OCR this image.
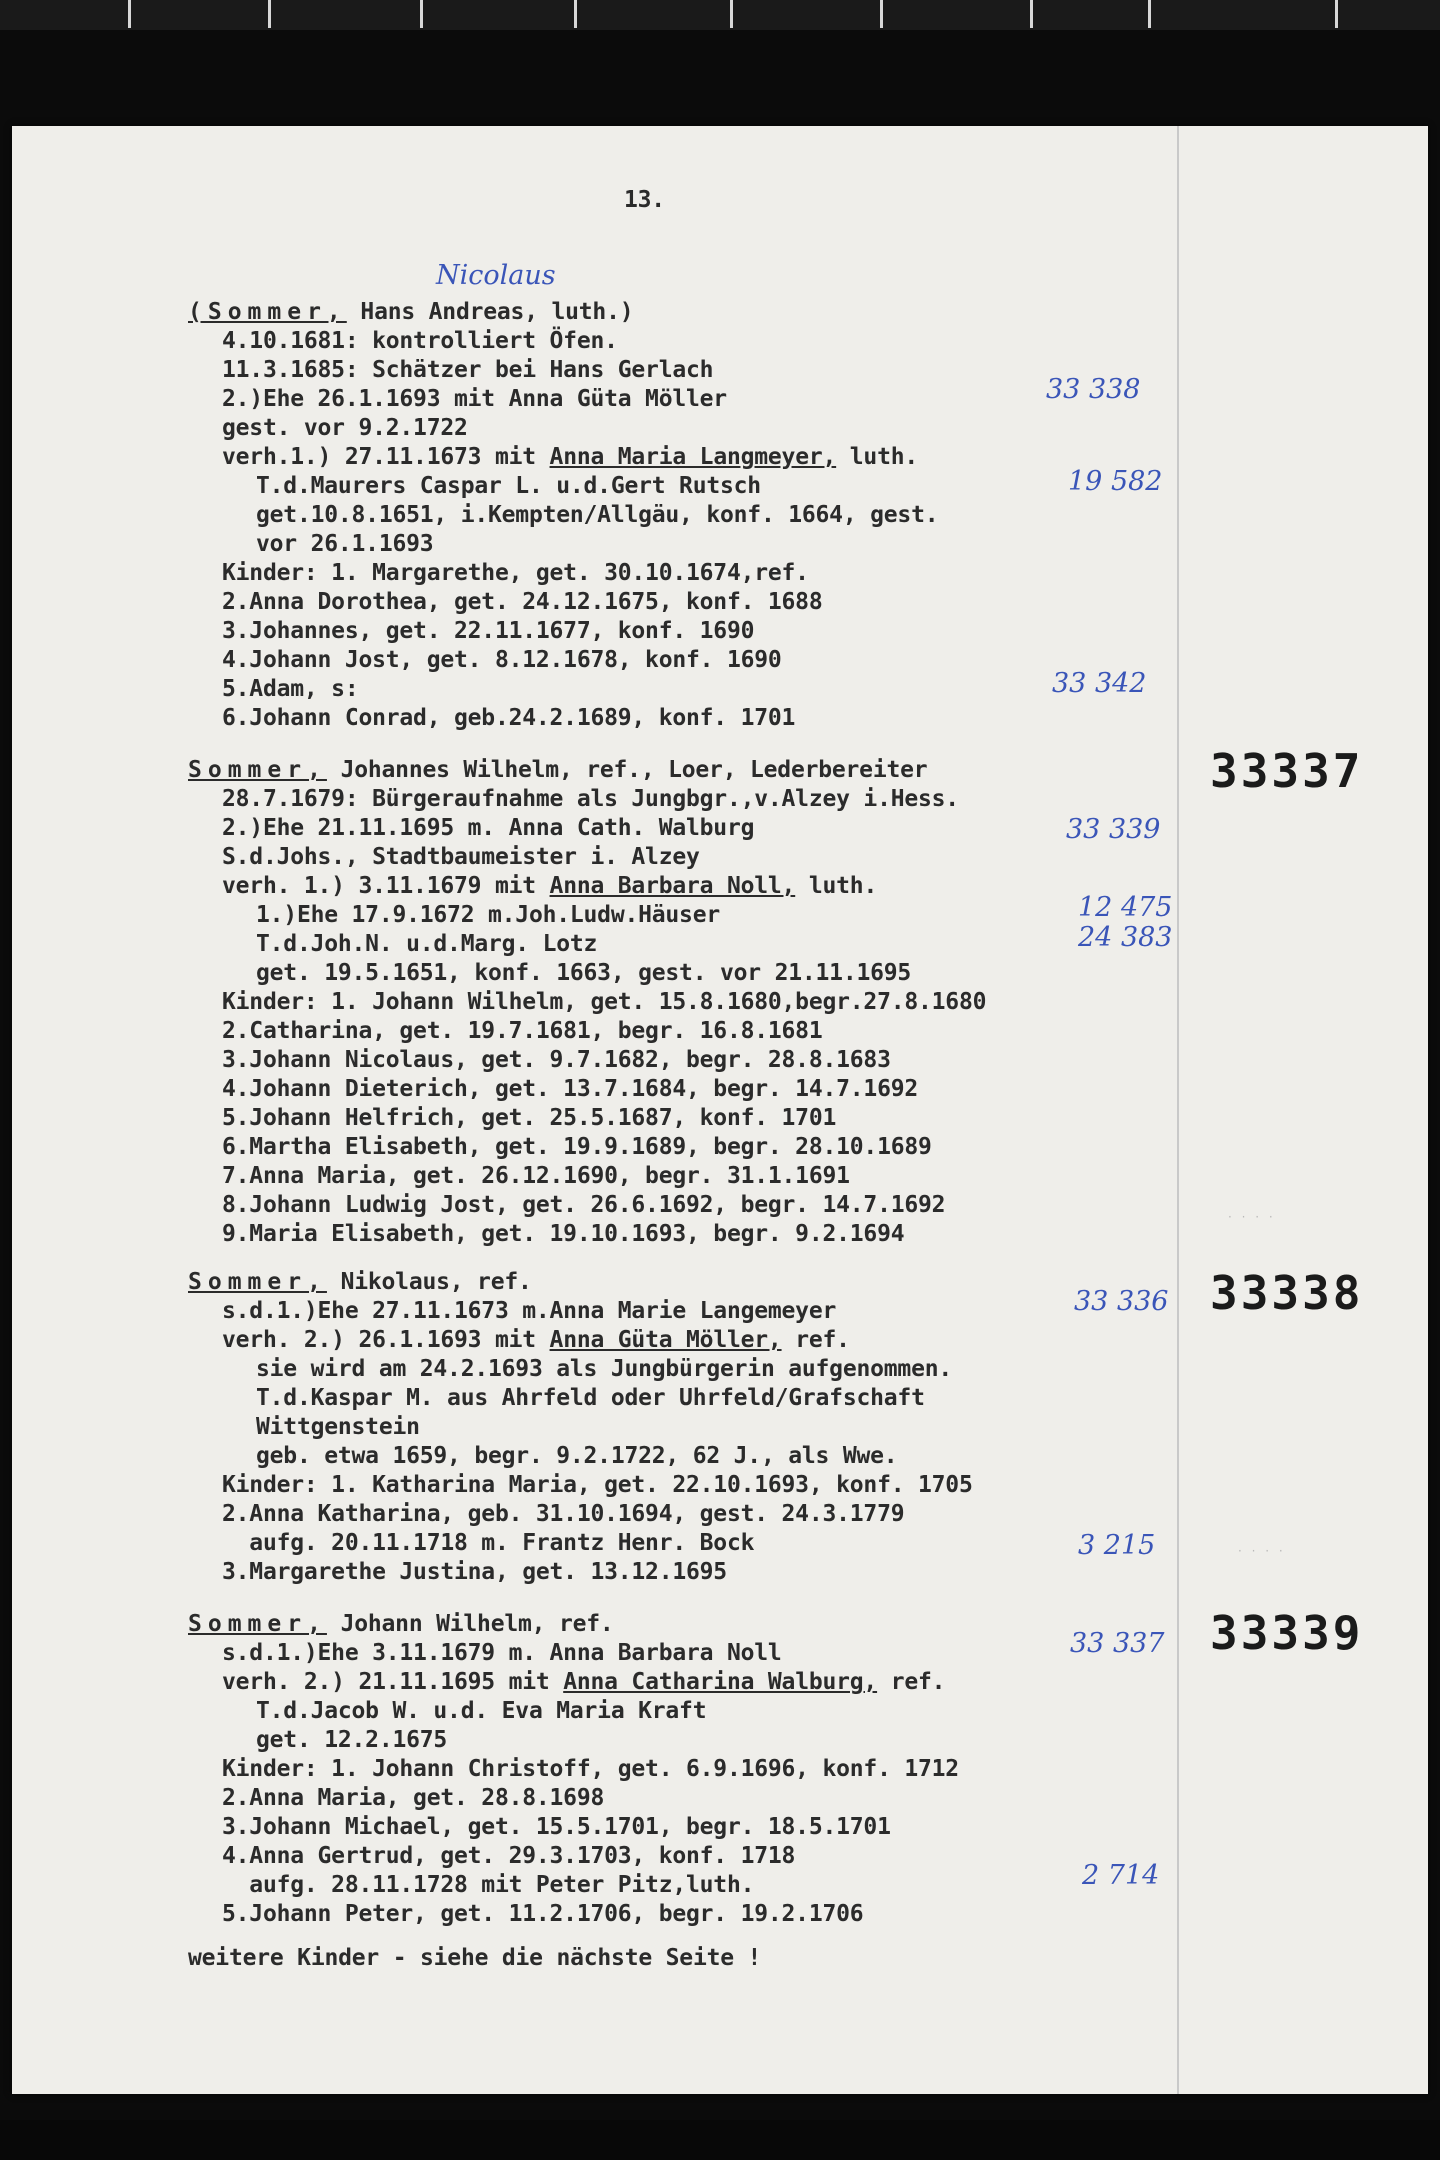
13.
Nicolaus
(Sommer, Hans Andreas, luth.)
4.10.1681: kontrolliert Öfen.
11.3.1685: Schätzer bei Hans Gerlach
2.)Ehe 26.1.1693 mit Anna Güta Möller
gest. vor 9.2.1722
verh.1.) 27.11.1673 mit Anna Maria Langmeyer, luth.
T.d.Maurers Caspar L. u.d.Gert Rutsch
get.10.8.1651, i.Kempten/Allgäu, konf. 1664, gest.
vor 26.1.1693
Kinder: 1. Margarethe, get. 30.10.1674,ref.
2.Anna Dorothea, get. 24.12.1675, konf. 1688
3.Johannes, get. 22.11.1677, konf. 1690
4.Johann Jost, get. 8.12.1678, konf. 1690
5.Adam, s:
6.Johann Conrad, geb.24.2.1689, konf. 1701
33 338
19 582
33 342
33337
Sommer, Johannes Wilhelm, ref., Loer, Lederbereiter
28.7.1679: Bürgeraufnahme als Jungbgr.,v.Alzey i.Hess.
2.)Ehe 21.11.1695 m. Anna Cath. Walburg
S.d.Johs., Stadtbaumeister i. Alzey
verh. 1.) 3.11.1679 mit Anna Barbara Noll, luth.
1.)Ehe 17.9.1672 m.Joh.Ludw.Häuser
T.d.Joh.N. u.d.Marg. Lotz
get. 19.5.1651, konf. 1663, gest. vor 21.11.1695
Kinder: 1. Johann Wilhelm, get. 15.8.1680,begr.27.8.1680
2.Catharina, get. 19.7.1681, begr. 16.8.1681
3.Johann Nicolaus, get. 9.7.1682, begr. 28.8.1683
4.Johann Dieterich, get. 13.7.1684, begr. 14.7.1692
5.Johann Helfrich, get. 25.5.1687, konf. 1701
6.Martha Elisabeth, get. 19.9.1689, begr. 28.10.1689
7.Anna Maria, get. 26.12.1690, begr. 31.1.1691
8.Johann Ludwig Jost, get. 26.6.1692, begr. 14.7.1692
9.Maria Elisabeth, get. 19.10.1693, begr. 9.2.1694
33 339
12 475
24 383
· · · ·
33338
Sommer, Nikolaus, ref.
s.d.1.)Ehe 27.11.1673 m.Anna Marie Langemeyer
verh. 2.) 26.1.1693 mit Anna Güta Möller, ref.
sie wird am 24.2.1693 als Jungbürgerin aufgenommen.
T.d.Kaspar M. aus Ahrfeld oder Uhrfeld/Grafschaft
Wittgenstein
geb. etwa 1659, begr. 9.2.1722, 62 J., als Wwe.
Kinder: 1. Katharina Maria, get. 22.10.1693, konf. 1705
2.Anna Katharina, geb. 31.10.1694, gest. 24.3.1779
aufg. 20.11.1718 m. Frantz Henr. Bock
3.Margarethe Justina, get. 13.12.1695
33 336
3 215	· · · ·
33339
Sommer, Johann Wilhelm, ref.
s.d.1.)Ehe 3.11.1679 m. Anna Barbara Noll
verh. 2.) 21.11.1695 mit Anna Catharina Walburg, ref.
T.d.Jacob W. u.d. Eva Maria Kraft
get. 12.2.1675
Kinder: 1. Johann Christoff, get. 6.9.1696, konf. 1712
2.Anna Maria, get. 28.8.1698
3.Johann Michael, get. 15.5.1701, begr. 18.5.1701
4.Anna Gertrud, get. 29.3.1703, konf. 1718
aufg. 28.11.1728 mit Peter Pitz,luth.
5.Johann Peter, get. 11.2.1706, begr. 19.2.1706
33 337
2 714
weitere Kinder - siehe die nächste Seite !
